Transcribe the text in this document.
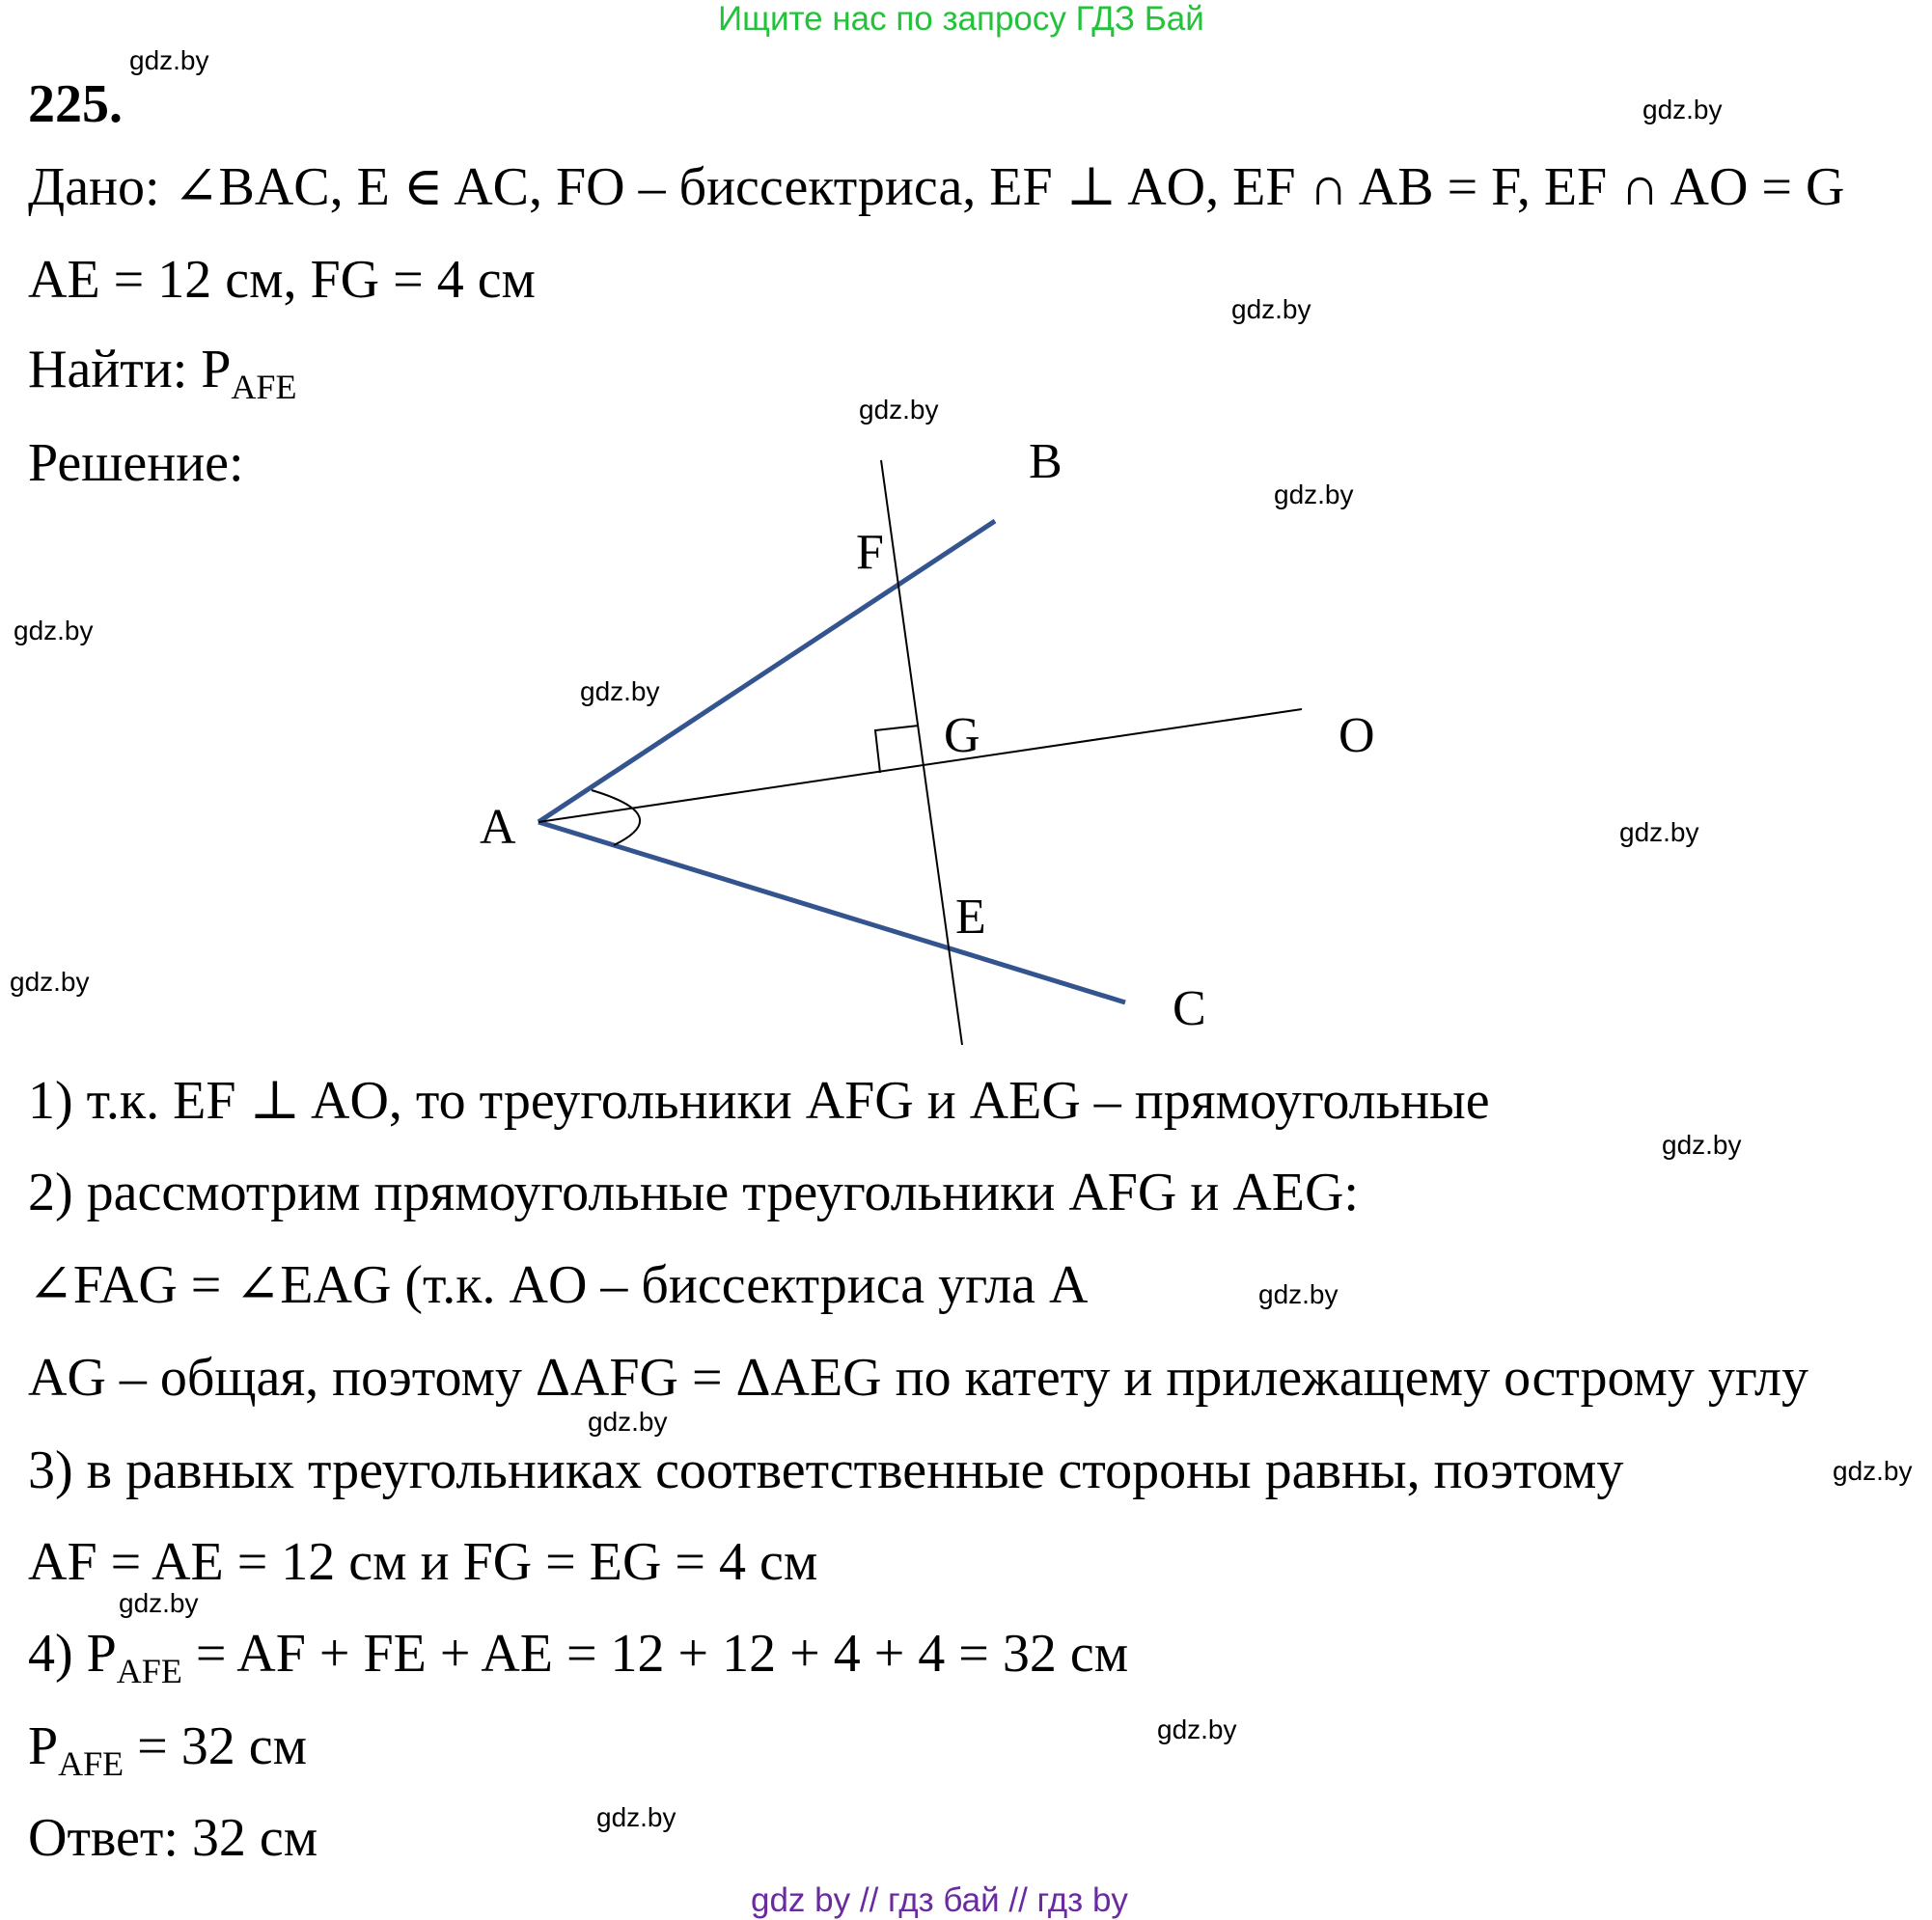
Ищите нас по запросу ГДЗ Бай
225.
Дано: ∠BAC, E ∈ AC, FO – биссектриса, EF ⊥ AO, EF ∩ AB = F, EF ∩ AO = G
AE = 12 см, FG = 4 см
Найти: $P_{AFE}$
Решение:
A
B
C
E
F
G	O
1) т.к. EF ⊥ AO, то треугольники AFG и AEG – прямоугольные
2) рассмотрим прямоугольные треугольники AFG и AEG:
∠FAG = ∠EAG (т.к. AO – биссектриса угла A
AG – общая, поэтому ΔAFG = ΔAEG по катету и прилежащему острому углу
3) в равных треугольниках соответственные стороны равны, поэтому
AF = AE = 12 см и FG = EG = 4 см
4) $P_{AFE}$ = AF + FE + AE = 12 + 12 + 4 + 4 = 32 см
$P_{AFE} = 32$ см
Ответ: 32 см
gdz.by
gdz.by
gdz.by
gdz.by
gdz.by
gdz.by
gdz.by
gdz.by
gdz.by
gdz.by
gdz.by
gdz.by
gdz.by
gdz.by
gdz.by
gdz.by
gdz by // гдз бай // гдз by
